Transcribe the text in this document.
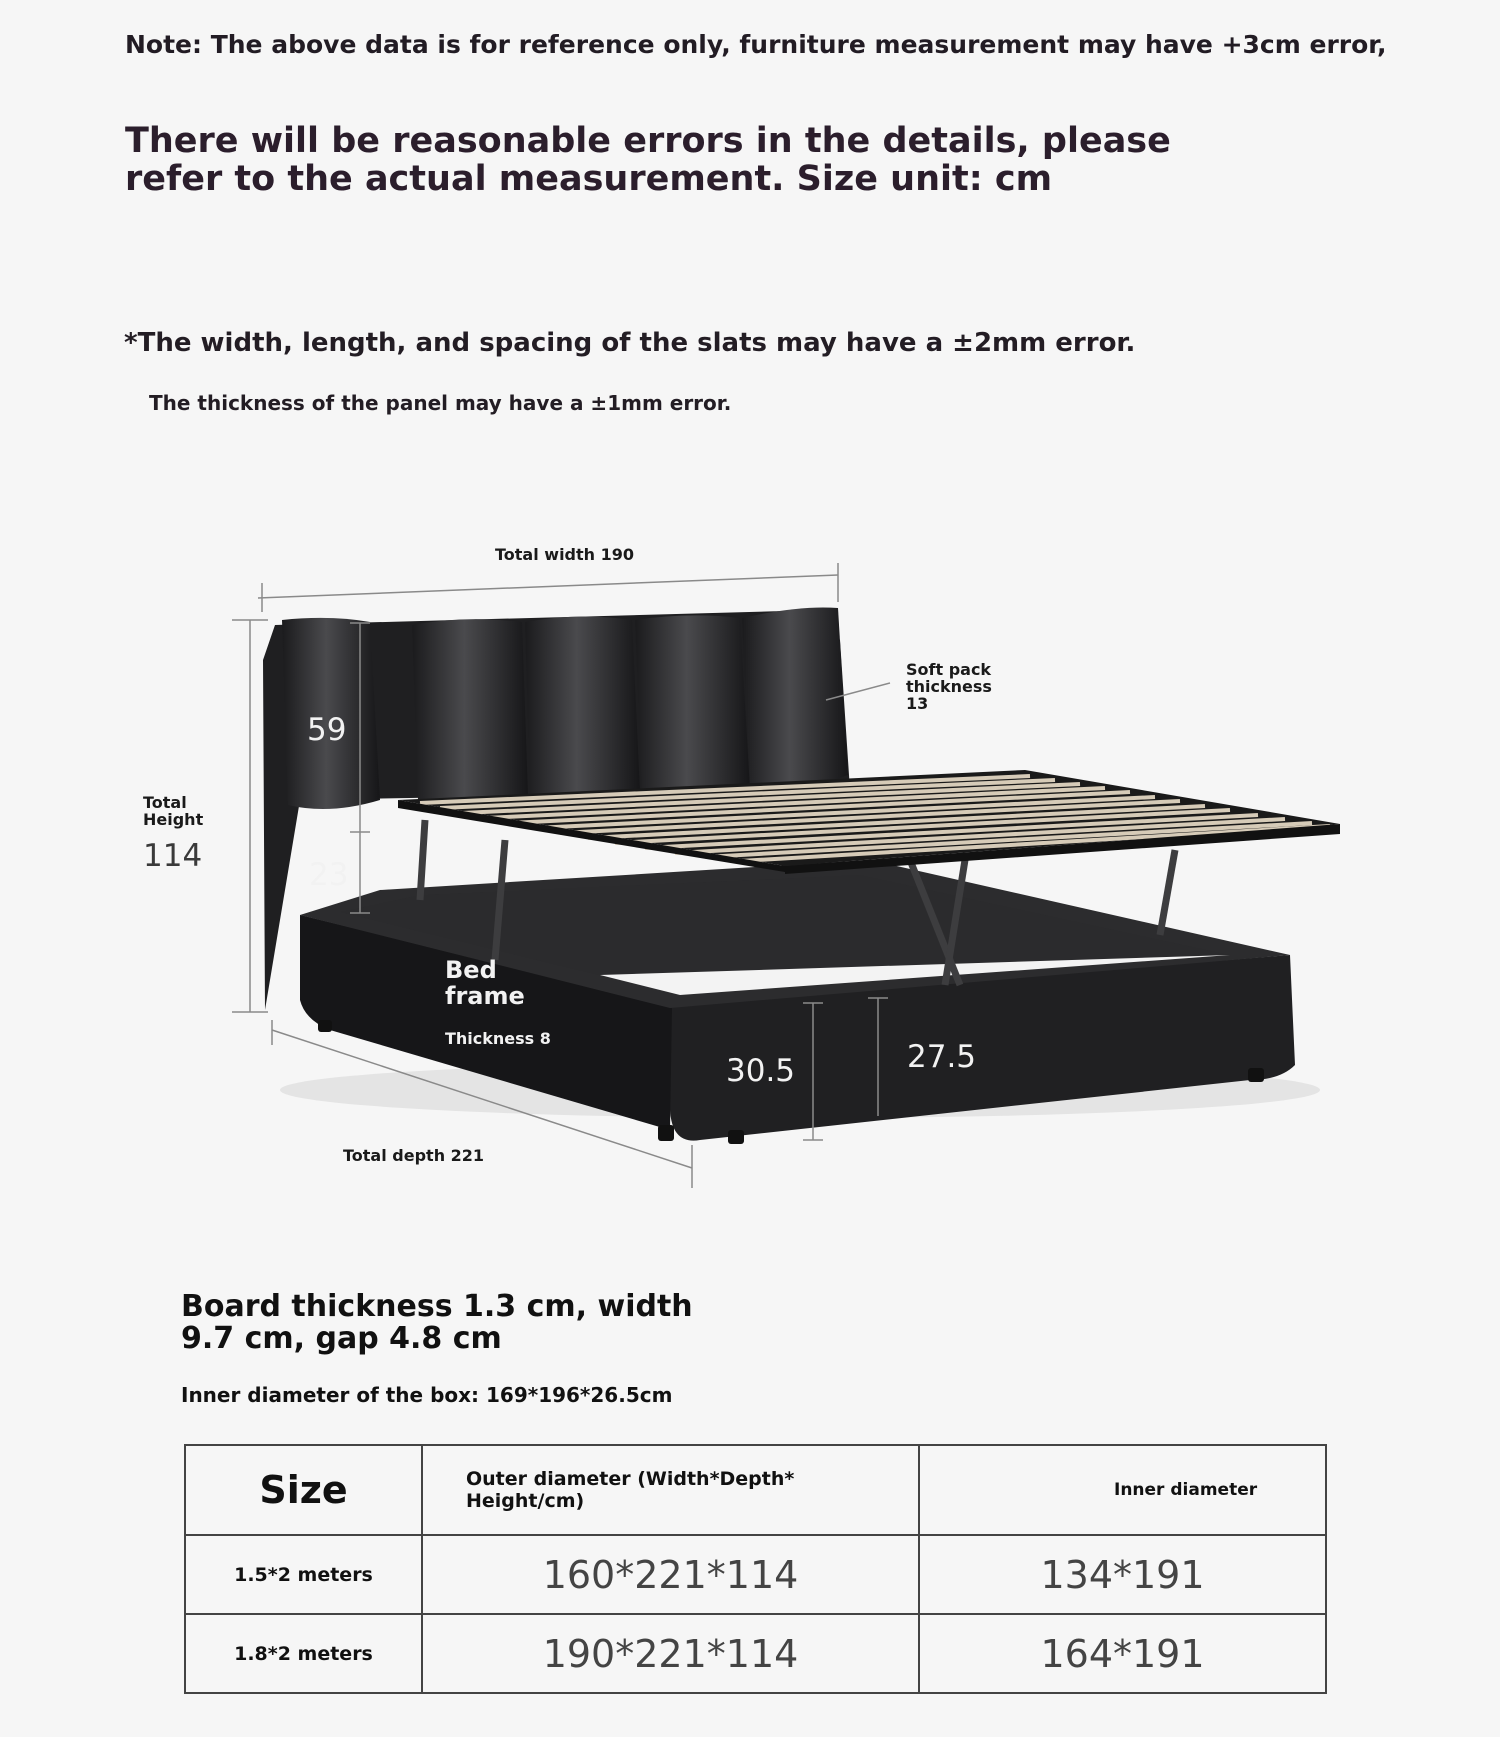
Note: The above data is for reference only, furniture measurement may have +3cm error,
There will be reasonable errors in the details, please refer to the actual measurement. Size unit: cm
*The width, length, and spacing of the slats may have a ±2mm error.
The thickness of the panel may have a ±1mm error.
Total width 190
Soft pack thickness 13
Total Height
114
59
23
Bed frame
Thickness 8
30.5	27.5
Total depth 221
Board thickness 1.3 cm, width 9.7 cm, gap 4.8 cm
Inner diameter of the box: 169*196*26.5cm
Size	Outer diameter (Width*Depth* Height/cm)	Inner diameter
1.5*2 meters	160*221*114	134*191
1.8*2 meters	190*221*114	164*191
